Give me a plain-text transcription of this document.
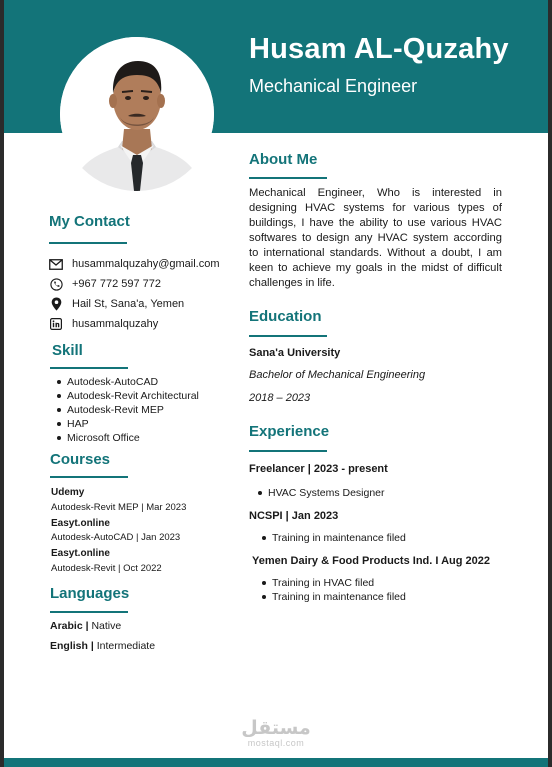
Husam AL-Quzahy
Mechanical Engineer
My Contact
husammalquzahy@gmail.com
+967 772 597 772
Hail St, Sana'a, Yemen
husammalquzahy
Skill
Autodesk-AutoCAD
Autodesk-Revit Architectural
Autodesk-Revit MEP
HAP
Microsoft Office
Courses
Udemy
Autodesk-Revit MEP | Mar 2023
Easyt.online
Autodesk-AutoCAD | Jan 2023
Easyt.online
Autodesk-Revit | Oct 2022
Languages
Arabic | Native
English | Intermediate
About Me
Mechanical Engineer, Who is interested in designing HVAC systems for various types of buildings, I have the ability to use various HVAC softwares to design any HVAC system according to international standards. Without a doubt, I am keen to achieve my goals in the midst of difficult challenges in life.
Education
Sana'a University
Bachelor of Mechanical Engineering
2018 – 2023
Experience
Freelancer | 2023 - present
HVAC Systems Designer
NCSPI | Jan 2023
Training in maintenance filed
Yemen Dairy & Food Products Ind. I Aug 2022
Training in HVAC filed
Training in maintenance filed
مستقل
mostaql.com
